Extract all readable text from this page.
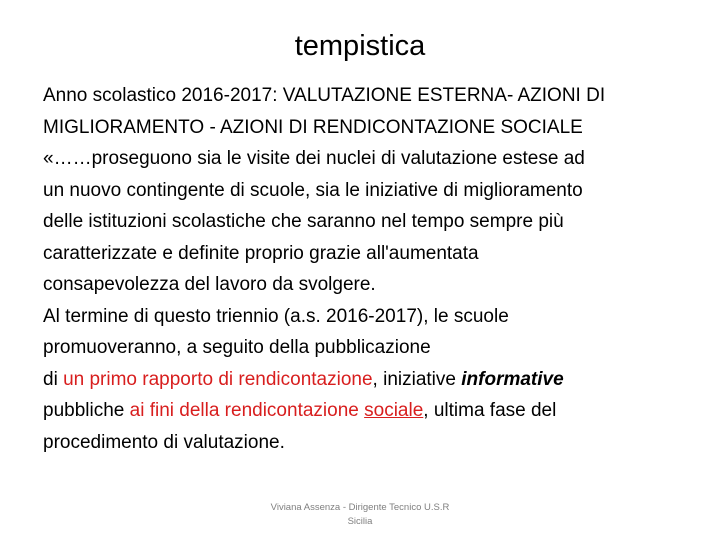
tempistica
Anno scolastico 2016-2017: VALUTAZIONE ESTERNA- AZIONI DI
MIGLIORAMENTO - AZIONI DI RENDICONTAZIONE SOCIALE
«……proseguono sia le visite dei nuclei di valutazione estese ad
un nuovo contingente di scuole, sia le iniziative di miglioramento
delle istituzioni scolastiche che saranno nel tempo sempre più
caratterizzate e definite proprio grazie all'aumentata
consapevolezza del lavoro da svolgere.
Al termine di questo triennio (a.s. 2016-2017), le scuole
promuoveranno, a seguito della pubblicazione
di un primo rapporto di rendicontazione, iniziative informative
pubbliche ai fini della rendicontazione sociale, ultima fase del
procedimento di valutazione.
Viviana Assenza - Dirigente Tecnico U.S.R
Sicilia
